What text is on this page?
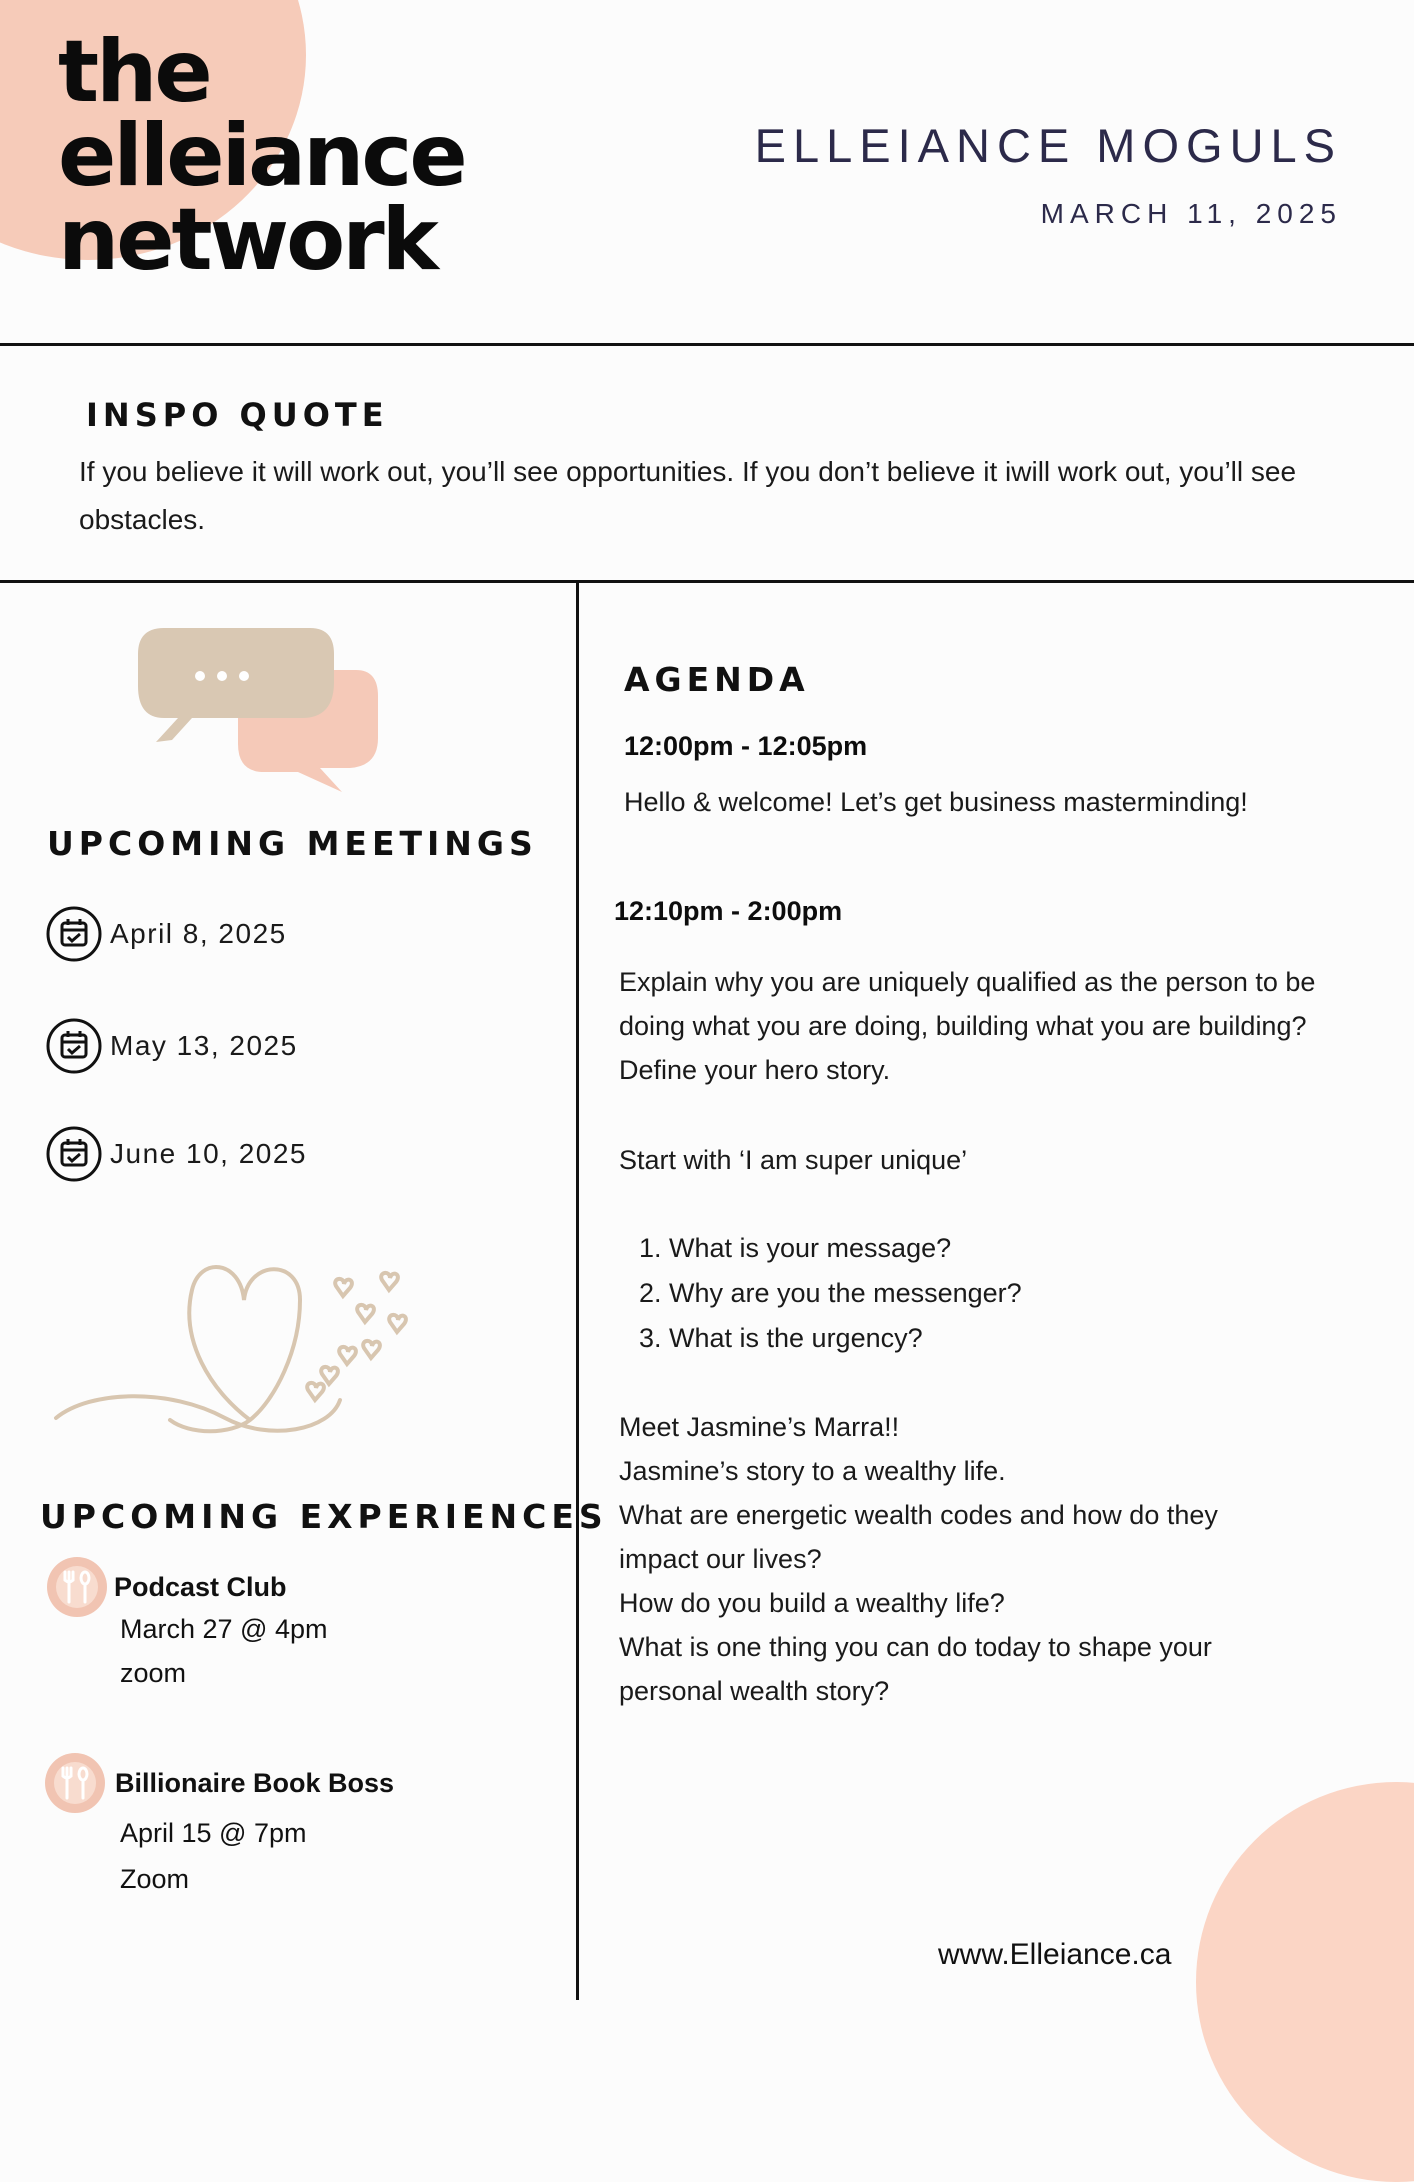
the
elleiance
network
ELLEIANCE MOGULS
MARCH 11, 2025
INSPO QUOTE
If you believe it will work out, you’ll see opportunities. If you don’t believe it iwill work out, you’ll see obstacles.
UPCOMING MEETINGS
April 8, 2025
May 13, 2025
June 10, 2025
UPCOMING EXPERIENCES
Podcast Club
March 27 @ 4pm
zoom
Billionaire Book Boss
April 15 @ 7pm
Zoom
AGENDA
12:00pm - 12:05pm
Hello & welcome! Let’s get business masterminding!
12:10pm - 2:00pm
Explain why you are uniquely qualified as the person to be doing what you are doing, building what you are building? Define your hero story.
Start with ‘I am super unique’
1. What is your message?
2. Why are you the messenger?
3. What is the urgency?
Meet Jasmine’s Marra!!
Jasmine’s story to a wealthy life.
What are energetic wealth codes and how do they impact our lives?
How do you build a wealthy life?
What is one thing you can do today to shape your personal wealth story?
www.Elleiance.ca
